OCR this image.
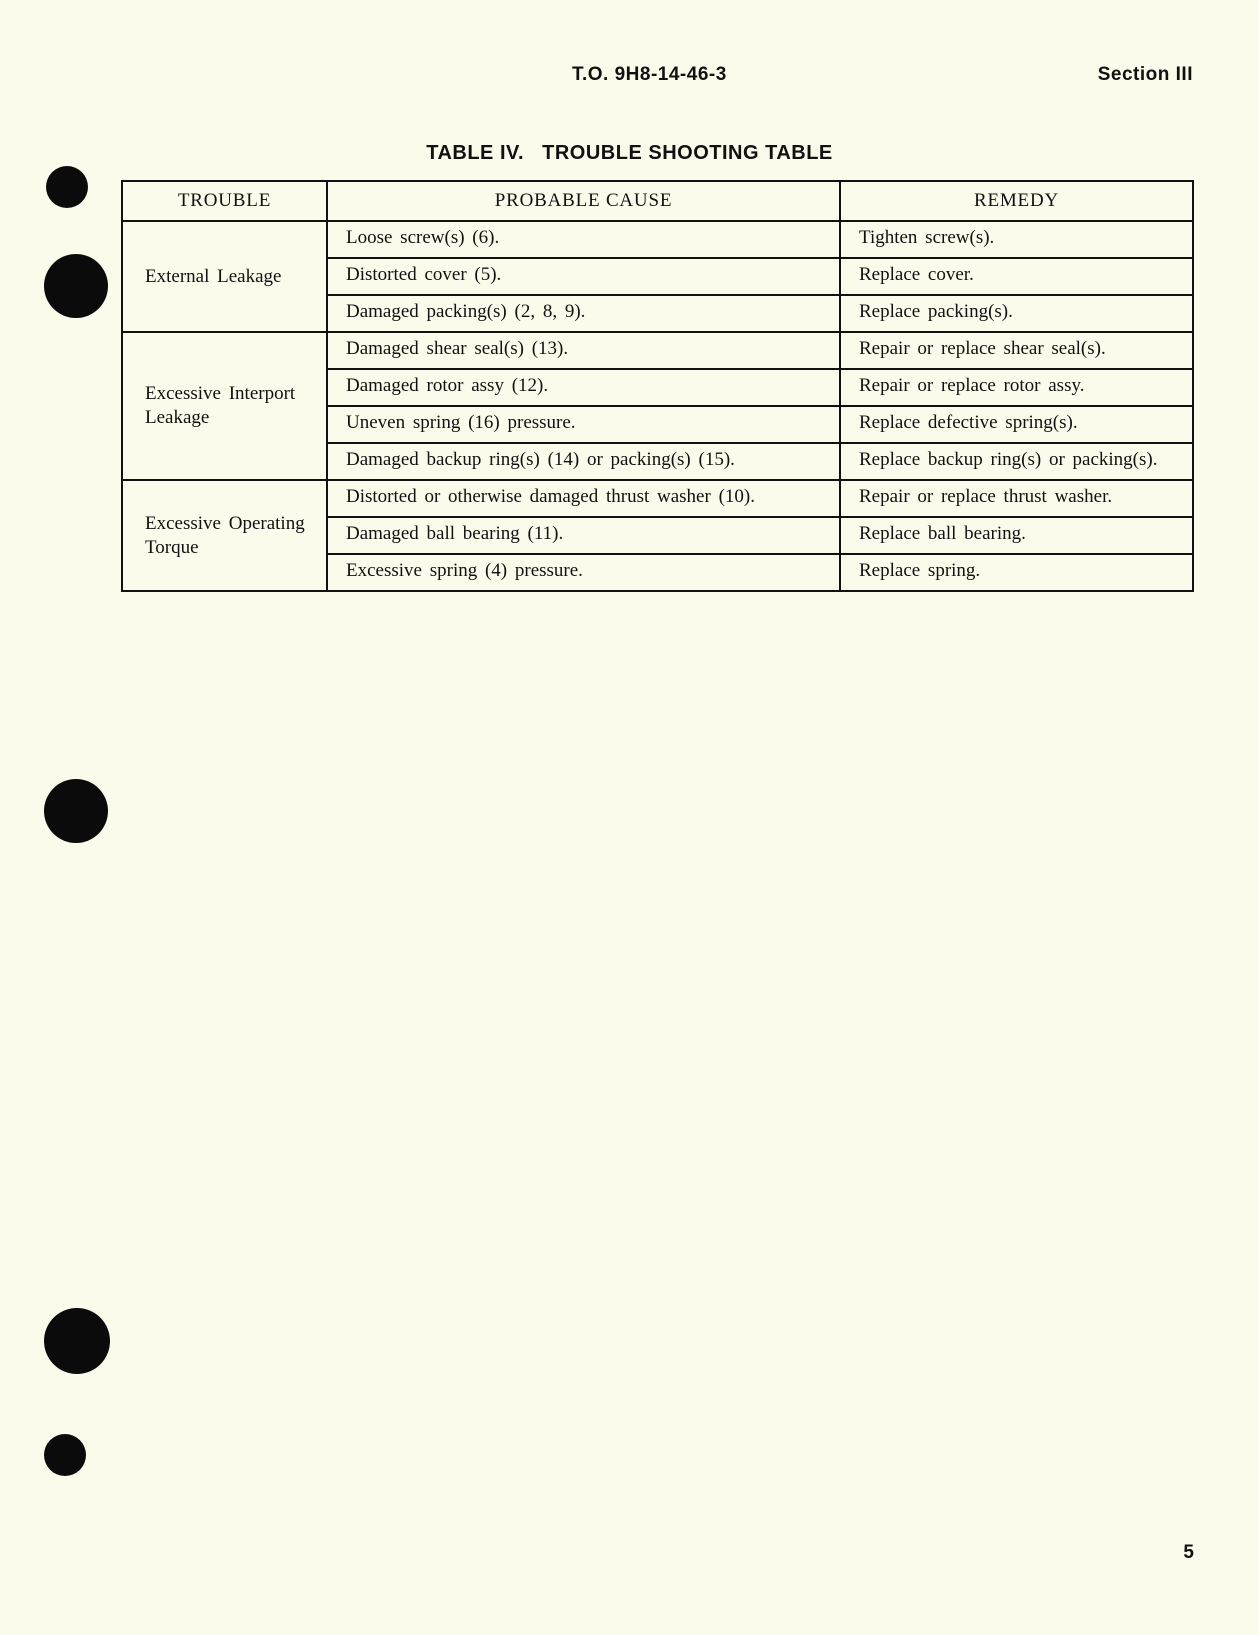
T.O. 9H8-14-46-3	Section III
TABLE IV. TROUBLE SHOOTING TABLE
TROUBLE	PROBABLE CAUSE	REMEDY
External Leakage	Loose screw(s) (6).	Tighten screw(s).
	Distorted cover (5).	Replace cover.
	Damaged packing(s) (2, 8, 9).	Replace packing(s).
Excessive Interport Leakage	Damaged shear seal(s) (13).	Repair or replace shear seal(s).
	Damaged rotor assy (12).	Repair or replace rotor assy.
	Uneven spring (16) pressure.	Replace defective spring(s).
	Damaged backup ring(s) (14) or packing(s) (15).	Replace backup ring(s) or packing(s).
Excessive Operating Torque	Distorted or otherwise damaged thrust washer (10).	Repair or replace thrust washer.
	Damaged ball bearing (11).	Replace ball bearing.
	Excessive spring (4) pressure.	Replace spring.
5
